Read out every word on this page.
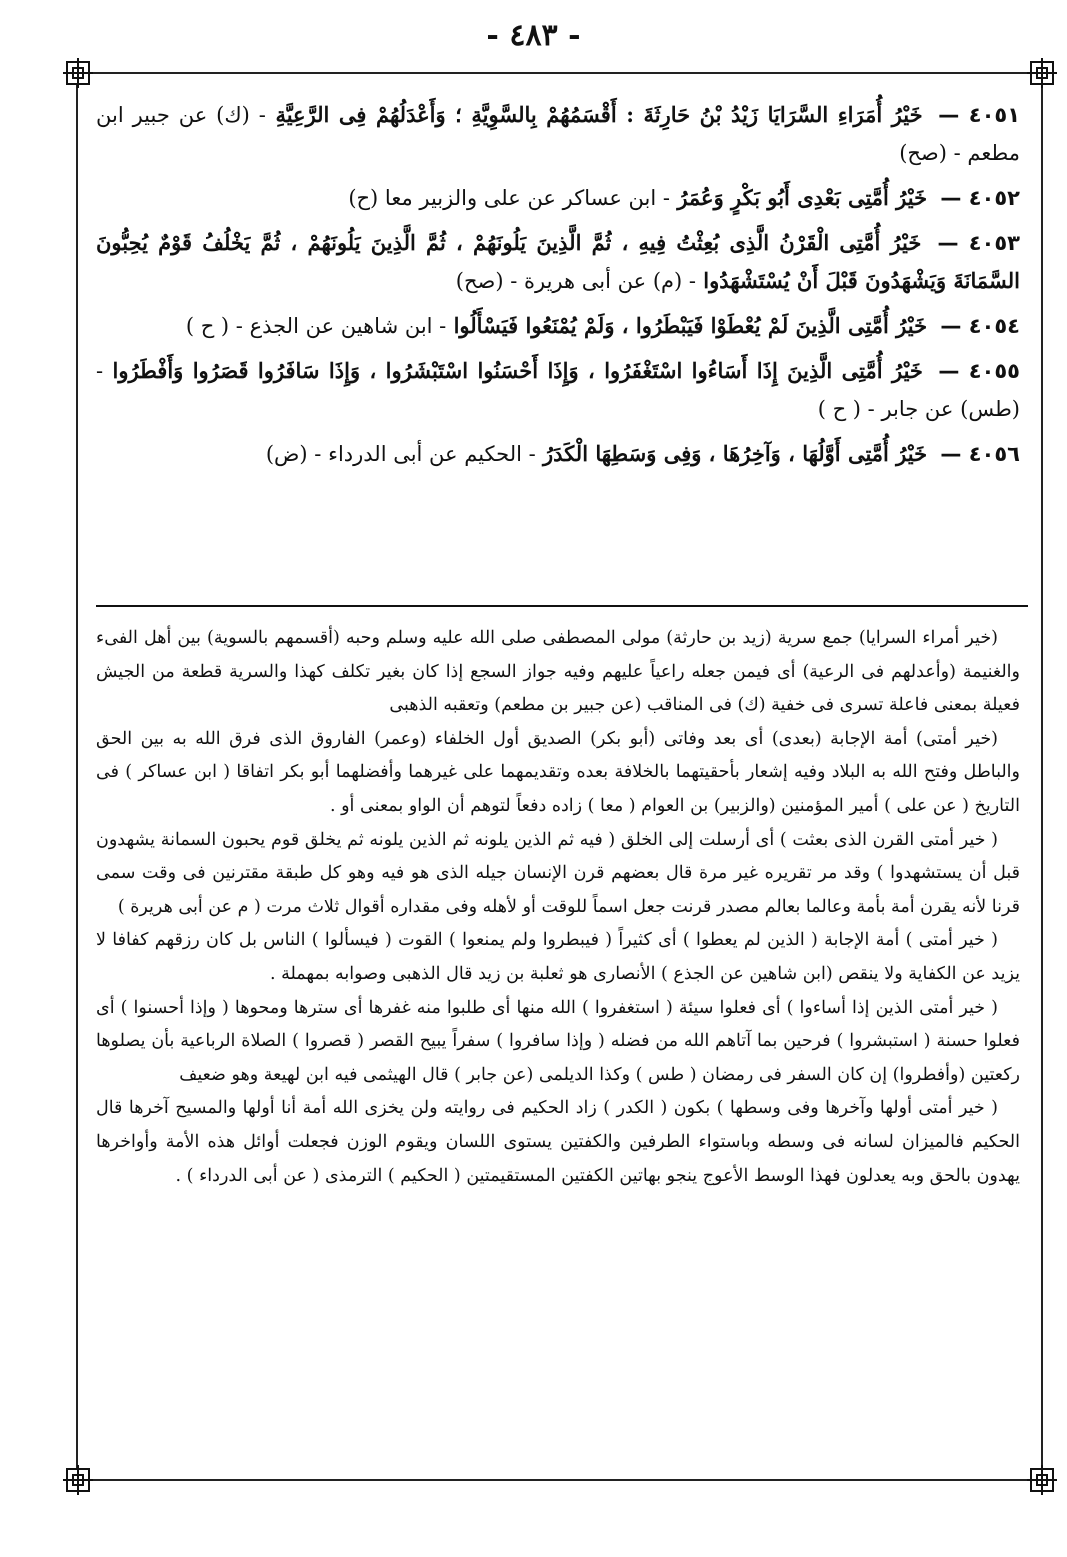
- ٤٨٣ -

٤٠٥١ — خَيْرُ أُمَرَاءِ السَّرَايَا زَيْدُ بْنُ حَارِثَةَ : أَقْسَمُهُمْ بِالسَّوِيَّةِ ؛ وَأَعْدَلُهُمْ فِى الرَّعِيَّةِ - (ك) عن جبير ابن مطعم - (صح)

٤٠٥٢ — خَيْرُ أُمَّتِى بَعْدِى أَبُو بَكْرٍ وَعُمَرُ - ابن عساكر عن على والزبير معا (ح)

٤٠٥٣ — خَيْرُ أُمَّتِى الْقَرْنُ الَّذِى بُعِثْتُ فِيهِ ، ثُمَّ الَّذِينَ يَلُونَهُمْ ، ثُمَّ الَّذِينَ يَلُونَهُمْ ، ثُمَّ يَخْلُفُ قَوْمٌ يُحِبُّونَ السَّمَانَةَ وَيَشْهَدُونَ قَبْلَ أَنْ يُسْتَشْهَدُوا - (م) عن أبى هريرة - (صح)

٤٠٥٤ — خَيْرُ أُمَّتِى الَّذِينَ لَمْ يُعْطَوْا فَيَبْطَرُوا ، وَلَمْ يُمْنَعُوا فَيَسْأَلُوا - ابن شاهين عن الجذع - ( ح )

٤٠٥٥ — خَيْرُ أُمَّتِى الَّذِينَ إِذَا أَسَاءُوا اسْتَغْفَرُوا ، وَإِذَا أَحْسَنُوا اسْتَبْشَرُوا ، وَإِذَا سَافَرُوا قَصَرُوا وَأَفْطَرُوا - (طس) عن جابر - ( ح )

٤٠٥٦ — خَيْرُ أُمَّتِى أَوَّلُهَا ، وَآخِرُهَا ، وَفِى وَسَطِهَا الْكَدَرُ - الحكيم عن أبى الدرداء - (ض)

(خير أمراء السرايا) جمع سرية (زيد بن حارثة) مولى المصطفى صلى الله عليه وسلم وحبه (أقسمهم بالسوية) بين أهل الفىء والغنيمة (وأعدلهم فى الرعية) أى فيمن جعله راعياً عليهم وفيه جواز السجع إذا كان بغير تكلف كهذا والسرية قطعة من الجيش فعيلة بمعنى فاعلة تسرى فى خفية (ك) فى المناقب (عن جبير بن مطعم) وتعقبه الذهبى

(خير أمتى) أمة الإجابة (بعدى) أى بعد وفاتى (أبو بكر) الصديق أول الخلفاء (وعمر) الفاروق الذى فرق الله به بين الحق والباطل وفتح الله به البلاد وفيه إشعار بأحقيتهما بالخلافة بعده وتقديمهما على غيرهما وأفضلهما أبو بكر اتفاقا ( ابن عساكر ) فى التاريخ ( عن على ) أمير المؤمنين (والزبير) بن العوام ( معا ) زاده دفعاً لتوهم أن الواو بمعنى أو .

( خير أمتى القرن الذى بعثت ) أى أرسلت إلى الخلق ( فيه ثم الذين يلونه ثم الذين يلونه ثم يخلق قوم يحبون السمانة يشهدون قبل أن يستشهدوا ) وقد مر تقريره غير مرة قال بعضهم قرن الإنسان جيله الذى هو فيه وهو كل طبقة مقترنين فى وقت سمى قرنا لأنه يقرن أمة بأمة وعالما بعالم مصدر قرنت جعل اسماً للوقت أو لأهله وفى مقداره أقوال ثلاث مرت ( م عن أبى هريرة )

( خير أمتى ) أمة الإجابة ( الذين لم يعطوا ) أى كثيراً ( فيبطروا ولم يمنعوا ) القوت ( فيسألوا ) الناس بل كان رزقهم كفافا لا يزيد عن الكفاية ولا ينقص (ابن شاهين عن الجذع ) الأنصارى هو ثعلبة بن زيد قال الذهبى وصوابه بمهملة .

( خير أمتى الذين إذا أساءوا ) أى فعلوا سيئة ( استغفروا ) الله منها أى طلبوا منه غفرها أى سترها ومحوها ( وإذا أحسنوا ) أى فعلوا حسنة ( استبشروا ) فرحين بما آتاهم الله من فضله ( وإذا سافروا ) سفراً يبيح القصر ( قصروا ) الصلاة الرباعية بأن يصلوها ركعتين (وأفطروا) إن كان السفر فى رمضان ( طس ) وكذا الديلمى (عن جابر ) قال الهيثمى فيه ابن لهيعة وهو ضعيف

( خير أمتى أولها وآخرها وفى وسطها ) بكون ( الكدر ) زاد الحكيم فى روايته ولن يخزى الله أمة أنا أولها والمسيح آخرها قال الحكيم فالميزان لسانه فى وسطه وباستواء الطرفين والكفتين يستوى اللسان ويقوم الوزن فجعلت أوائل هذه الأمة وأواخرها يهدون بالحق وبه يعدلون فهذا الوسط الأعوج ينجو بهاتين الكفتين المستقيمتين ( الحكيم ) الترمذى ( عن أبى الدرداء ) .
